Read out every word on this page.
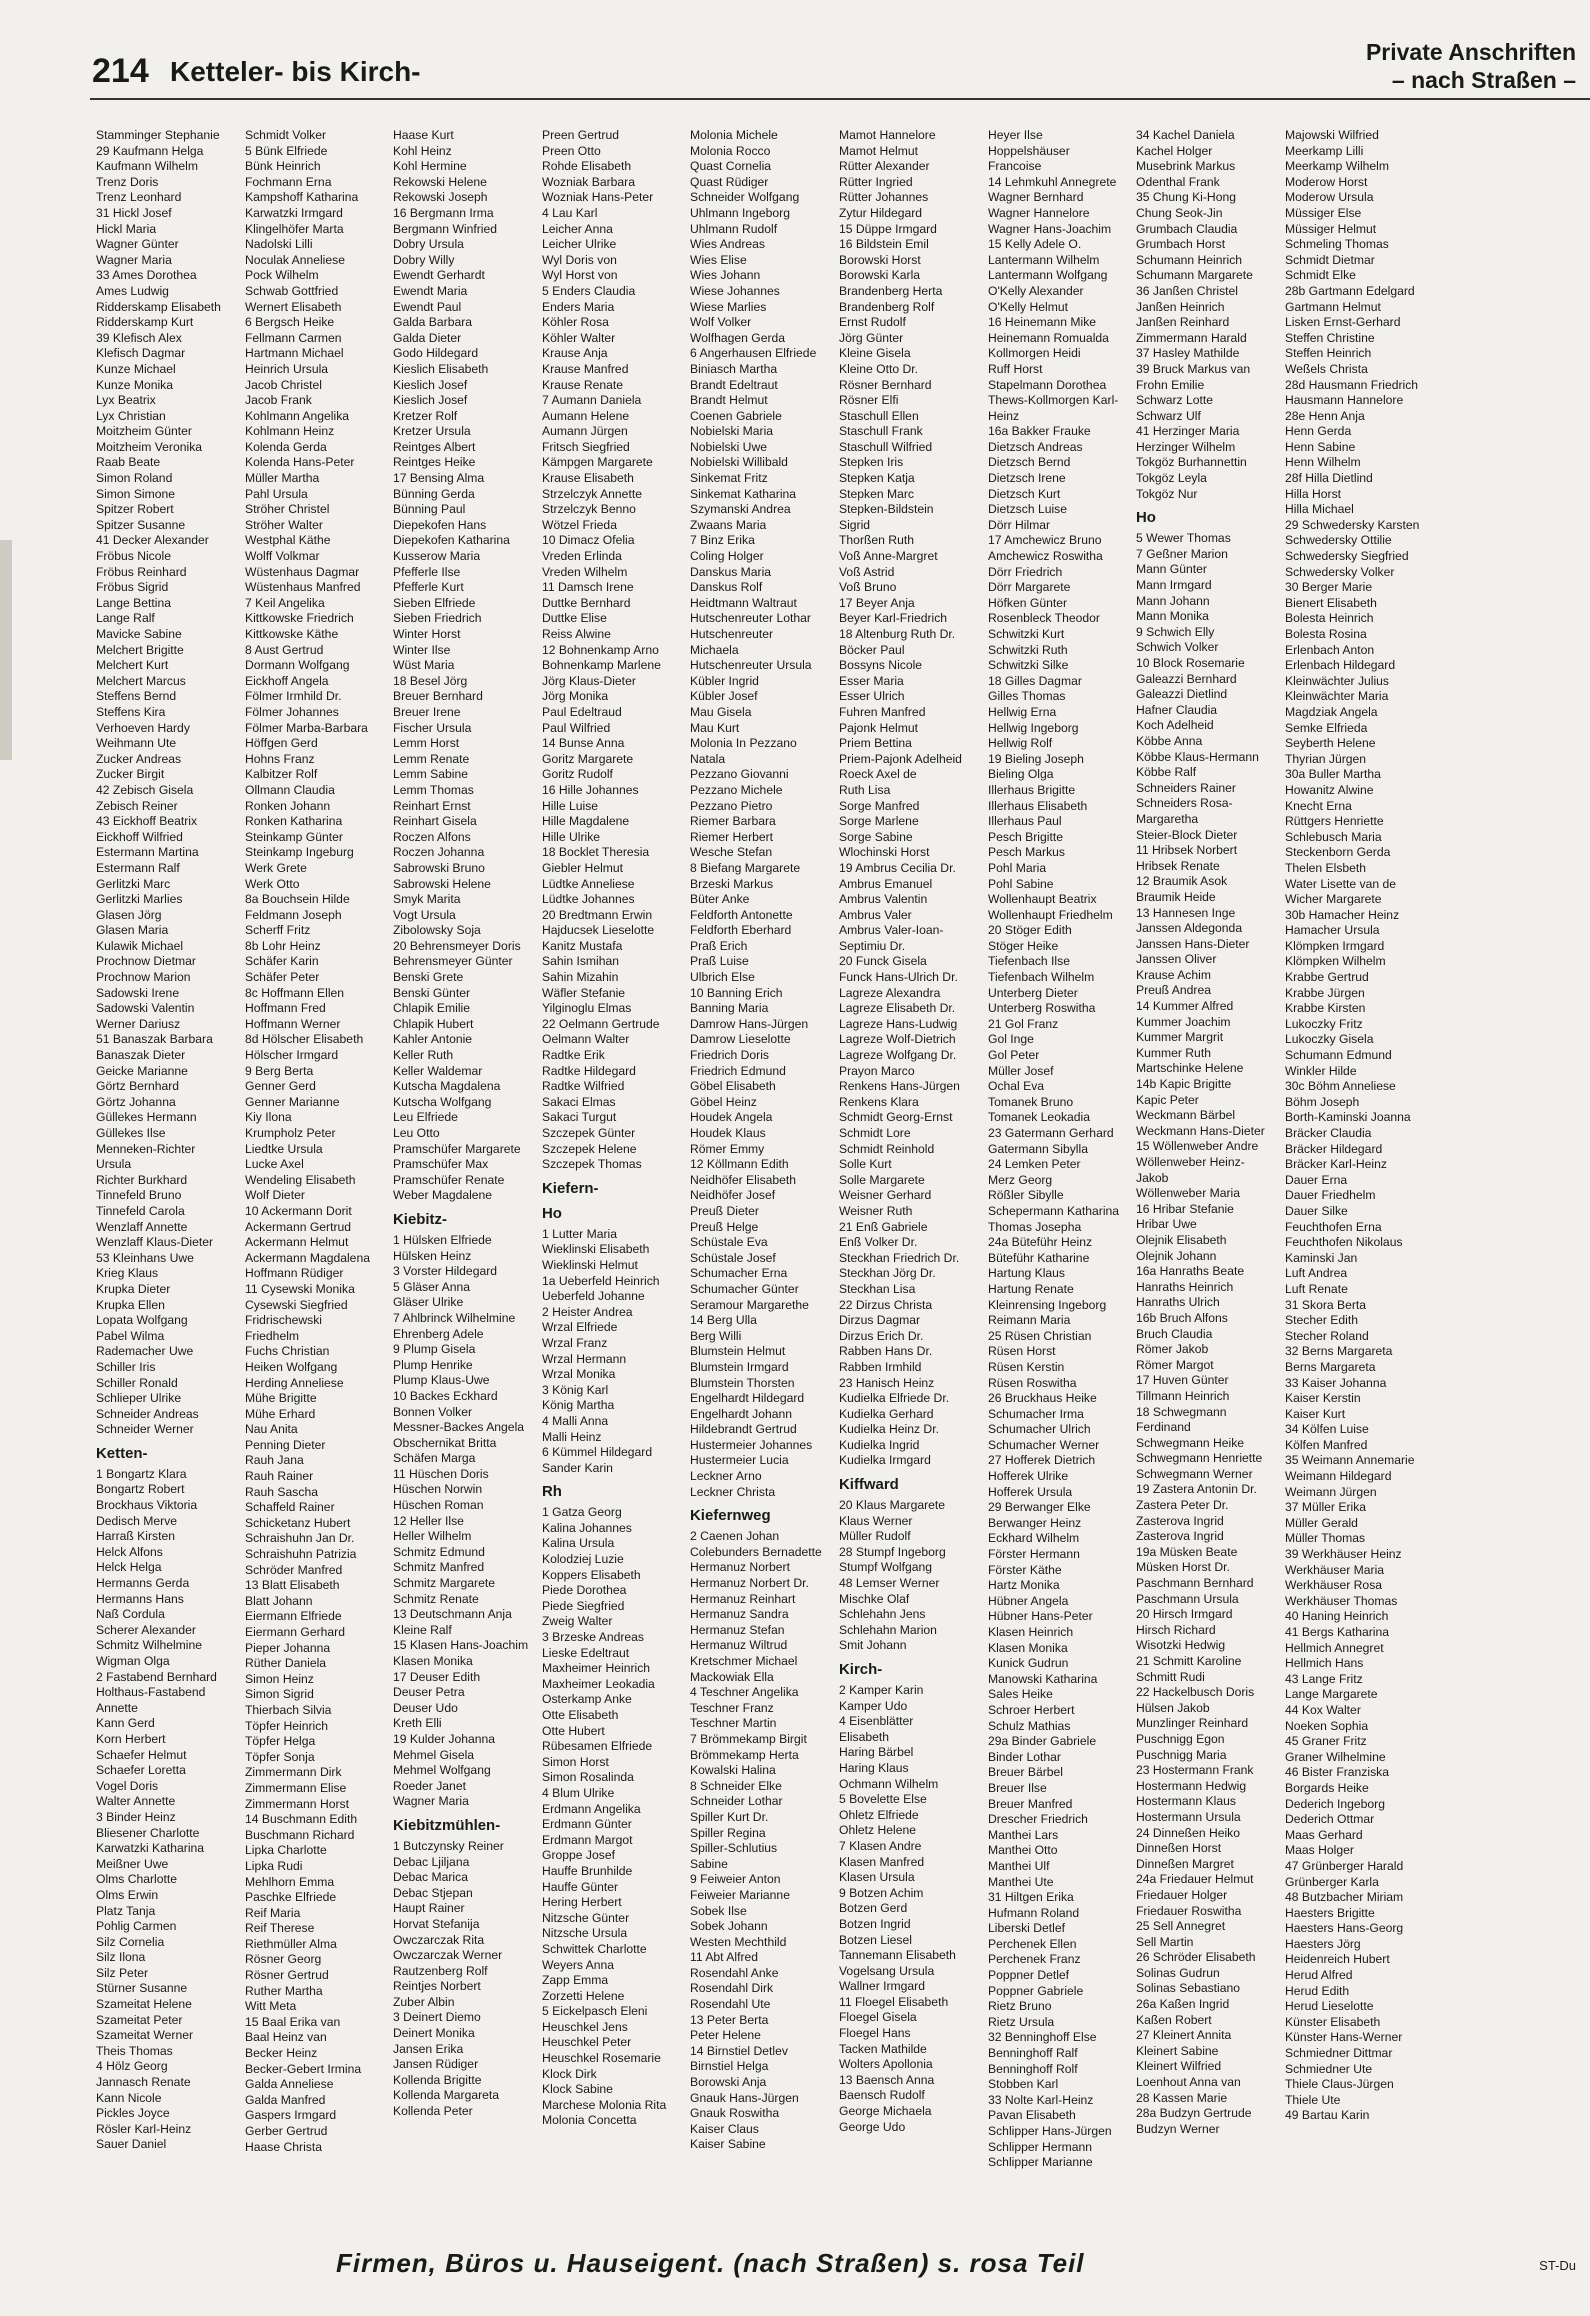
214 Ketteler- bis Kirch-
Private Anschriften
– nach Straßen –
Stamminger Stephanie
29 Kaufmann Helga
Kaufmann Wilhelm
Trenz Doris
Trenz Leonhard
31 Hickl Josef
Hickl Maria
Wagner Günter
Wagner Maria
33 Ames Dorothea
Ames Ludwig
Ridderskamp Elisabeth
Ridderskamp Kurt
39 Klefisch Alex
Klefisch Dagmar
Kunze Michael
Kunze Monika
Lyx Beatrix
Lyx Christian
Moitzheim Günter
Moitzheim Veronika
Raab Beate
Simon Roland
Simon Simone
Spitzer Robert
Spitzer Susanne
41 Decker Alexander
Fröbus Nicole
Fröbus Reinhard
Fröbus Sigrid
Lange Bettina
Lange Ralf
Mavicke Sabine
Melchert Brigitte
Melchert Kurt
Melchert Marcus
Steffens Bernd
Steffens Kira
Verhoeven Hardy
Weihmann Ute
Zucker Andreas
Zucker Birgit
42 Zebisch Gisela
Zebisch Reiner
43 Eickhoff Beatrix
Eickhoff Wilfried
Estermann Martina
Estermann Ralf
Gerlitzki Marc
Gerlitzki Marlies
Glasen Jörg
Glasen Maria
Kulawik Michael
Prochnow Dietmar
Prochnow Marion
Sadowski Irene
Sadowski Valentin
Werner Dariusz
51 Banaszak Barbara
Banaszak Dieter
Geicke Marianne
Görtz Bernhard
Görtz Johanna
Güllekes Hermann
Güllekes Ilse
Menneken-Richter
Ursula
Richter Burkhard
Tinnefeld Bruno
Tinnefeld Carola
Wenzlaff Annette
Wenzlaff Klaus-Dieter
53 Kleinhans Uwe
Krieg Klaus
Krupka Dieter
Krupka Ellen
Lopata Wolfgang
Pabel Wilma
Rademacher Uwe
Schiller Iris
Schiller Ronald
Schlieper Ulrike
Schneider Andreas
Schneider Werner
Ketten-
1 Bongartz Klara
Bongartz Robert
Brockhaus Viktoria
Dedisch Merve
Harraß Kirsten
Helck Alfons
Helck Helga
Hermanns Gerda
Hermanns Hans
Naß Cordula
Scherer Alexander
Schmitz Wilhelmine
Wigman Olga
2 Fastabend Bernhard
Holthaus-Fastabend
Annette
Kann Gerd
Korn Herbert
Schaefer Helmut
Schaefer Loretta
Vogel Doris
Walter Annette
3 Binder Heinz
Bliesener Charlotte
Karwatzki Katharina
Meißner Uwe
Olms Charlotte
Olms Erwin
Platz Tanja
Pohlig Carmen
Silz Cornelia
Silz Ilona
Silz Peter
Stürner Susanne
Szameitat Helene
Szameitat Peter
Szameitat Werner
Theis Thomas
4 Hölz Georg
Jannasch Renate
Kann Nicole
Pickles Joyce
Rösler Karl-Heinz
Sauer Daniel
Schmidt Volker
5 Bünk Elfriede
Bünk Heinrich
Fochmann Erna
Kampshoff Katharina
Karwatzki Irmgard
Klingelhöfer Marta
Nadolski Lilli
Noculak Anneliese
Pock Wilhelm
Schwab Gottfried
Wernert Elisabeth
6 Bergsch Heike
Fellmann Carmen
Hartmann Michael
Heinrich Ursula
Jacob Christel
Jacob Frank
Kohlmann Angelika
Kohlmann Heinz
Kolenda Gerda
Kolenda Hans-Peter
Müller Martha
Pahl Ursula
Ströher Christel
Ströher Walter
Westphal Käthe
Wolff Volkmar
Wüstenhaus Dagmar
Wüstenhaus Manfred
7 Keil Angelika
Kittkowske Friedrich
Kittkowske Käthe
8 Aust Gertrud
Dormann Wolfgang
Eickhoff Angela
Fölmer Irmhild Dr.
Fölmer Johannes
Fölmer Marba-Barbara
Höffgen Gerd
Hohns Franz
Kalbitzer Rolf
Ollmann Claudia
Ronken Johann
Ronken Katharina
Steinkamp Günter
Steinkamp Ingeburg
Werk Grete
Werk Otto
8a Bouchsein Hilde
Feldmann Joseph
Scherff Fritz
8b Lohr Heinz
Schäfer Karin
Schäfer Peter
8c Hoffmann Ellen
Hoffmann Fred
Hoffmann Werner
8d Hölscher Elisabeth
Hölscher Irmgard
9 Berg Berta
Genner Gerd
Genner Marianne
Kiy Ilona
Krumpholz Peter
Liedtke Ursula
Lucke Axel
Wendeling Elisabeth
Wolf Dieter
10 Ackermann Dorit
Ackermann Gertrud
Ackermann Helmut
Ackermann Magdalena
Hoffmann Rüdiger
11 Cysewski Monika
Cysewski Siegfried
Fridrischewski
Friedhelm
Fuchs Christian
Heiken Wolfgang
Herding Anneliese
Mühe Brigitte
Mühe Erhard
Nau Anita
Penning Dieter
Rauh Jana
Rauh Rainer
Rauh Sascha
Schaffeld Rainer
Schicketanz Hubert
Schraishuhn Jan Dr.
Schraishuhn Patrizia
Schröder Manfred
13 Blatt Elisabeth
Blatt Johann
Eiermann Elfriede
Eiermann Gerhard
Pieper Johanna
Rüther Daniela
Simon Heinz
Simon Sigrid
Thierbach Silvia
Töpfer Heinrich
Töpfer Helga
Töpfer Sonja
Zimmermann Dirk
Zimmermann Elise
Zimmermann Horst
14 Buschmann Edith
Buschmann Richard
Lipka Charlotte
Lipka Rudi
Mehlhorn Emma
Paschke Elfriede
Reif Maria
Reif Therese
Riethmüller Alma
Rösner Georg
Rösner Gertrud
Ruther Martha
Witt Meta
15 Baal Erika van
Baal Heinz van
Becker Heinz
Becker-Gebert Irmina
Galda Anneliese
Galda Manfred
Gaspers Irmgard
Gerber Gertrud
Haase Christa
Haase Kurt
Kohl Heinz
Kohl Hermine
Rekowski Helene
Rekowski Joseph
16 Bergmann Irma
Bergmann Winfried
Dobry Ursula
Dobry Willy
Ewendt Gerhardt
Ewendt Maria
Ewendt Paul
Galda Barbara
Galda Dieter
Godo Hildegard
Kieslich Elisabeth
Kieslich Josef
Kieslich Josef
Kretzer Rolf
Kretzer Ursula
Reintges Albert
Reintges Heike
17 Bensing Alma
Bünning Gerda
Bünning Paul
Diepekofen Hans
Diepekofen Katharina
Kusserow Maria
Pfefferle Ilse
Pfefferle Kurt
Sieben Elfriede
Sieben Friedrich
Winter Horst
Winter Ilse
Wüst Maria
18 Besel Jörg
Breuer Bernhard
Breuer Irene
Fischer Ursula
Lemm Horst
Lemm Renate
Lemm Sabine
Lemm Thomas
Reinhart Ernst
Reinhart Gisela
Roczen Alfons
Roczen Johanna
Sabrowski Bruno
Sabrowski Helene
Smyk Marita
Vogt Ursula
Zibolowsky Soja
20 Behrensmeyer Doris
Behrensmeyer Günter
Benski Grete
Benski Günter
Chlapik Emilie
Chlapik Hubert
Kahler Antonie
Keller Ruth
Keller Waldemar
Kutscha Magdalena
Kutscha Wolfgang
Leu Elfriede
Leu Otto
Pramschüfer Margarete
Pramschüfer Max
Pramschüfer Renate
Weber Magdalene
Kiebitz-
1 Hülsken Elfriede
Hülsken Heinz
3 Vorster Hildegard
5 Gläser Anna
Gläser Ulrike
7 Ahlbrinck Wilhelmine
Ehrenberg Adele
9 Plump Gisela
Plump Henrike
Plump Klaus-Uwe
10 Backes Eckhard
Bonnen Volker
Messner-Backes Angela
Obschernikat Britta
Schäfen Marga
11 Hüschen Doris
Hüschen Norwin
Hüschen Roman
12 Heller Ilse
Heller Wilhelm
Schmitz Edmund
Schmitz Manfred
Schmitz Margarete
Schmitz Renate
13 Deutschmann Anja
Kleine Ralf
15 Klasen Hans-Joachim
Klasen Monika
17 Deuser Edith
Deuser Petra
Deuser Udo
Kreth Elli
19 Kulder Johanna
Mehmel Gisela
Mehmel Wolfgang
Roeder Janet
Wagner Maria
Kiebitzmühlen-
1 Butczynsky Reiner
Debac Ljiljana
Debac Marica
Debac Stjepan
Haupt Rainer
Horvat Stefanija
Owczarczak Rita
Owczarczak Werner
Rautzenberg Rolf
Reintjes Norbert
Zuber Albin
3 Deinert Diemo
Deinert Monika
Jansen Erika
Jansen Rüdiger
Kollenda Brigitte
Kollenda Margareta
Kollenda Peter
Preen Gertrud
Preen Otto
Rohde Elisabeth
Wozniak Barbara
Wozniak Hans-Peter
4 Lau Karl
Leicher Anna
Leicher Ulrike
Wyl Doris von
Wyl Horst von
5 Enders Claudia
Enders Maria
Köhler Rosa
Köhler Walter
Krause Anja
Krause Manfred
Krause Renate
7 Aumann Daniela
Aumann Helene
Aumann Jürgen
Fritsch Siegfried
Kämpgen Margarete
Krause Elisabeth
Strzelczyk Annette
Strzelczyk Benno
Wötzel Frieda
10 Dimacz Ofelia
Vreden Erlinda
Vreden Wilhelm
11 Damsch Irene
Duttke Bernhard
Duttke Elise
Reiss Alwine
12 Bohnenkamp Arno
Bohnenkamp Marlene
Jörg Klaus-Dieter
Jörg Monika
Paul Edeltraud
Paul Wilfried
14 Bunse Anna
Goritz Margarete
Goritz Rudolf
16 Hille Johannes
Hille Luise
Hille Magdalene
Hille Ulrike
18 Bocklet Theresia
Giebler Helmut
Lüdtke Anneliese
Lüdtke Johannes
20 Bredtmann Erwin
Hajducsek Lieselotte
Kanitz Mustafa
Sahin Ismihan
Sahin Mizahin
Wäfler Stefanie
Yilginoglu Elmas
22 Oelmann Gertrude
Oelmann Walter
Radtke Erik
Radtke Hildegard
Radtke Wilfried
Sakaci Elmas
Sakaci Turgut
Szczepek Günter
Szczepek Helene
Szczepek Thomas
Kiefern-
Ho
1 Lutter Maria
Wieklinski Elisabeth
Wieklinski Helmut
1a Ueberfeld Heinrich
Ueberfeld Johanne
2 Heister Andrea
Wrzal Elfriede
Wrzal Franz
Wrzal Hermann
Wrzal Monika
3 König Karl
König Martha
4 Malli Anna
Malli Heinz
6 Kümmel Hildegard
Sander Karin
Rh
1 Gatza Georg
Kalina Johannes
Kalina Ursula
Kolodziej Luzie
Koppers Elisabeth
Piede Dorothea
Piede Siegfried
Zweig Walter
3 Brzeske Andreas
Lieske Edeltraut
Maxheimer Heinrich
Maxheimer Leokadia
Osterkamp Anke
Otte Elisabeth
Otte Hubert
Rübesamen Elfriede
Simon Horst
Simon Rosalinda
4 Blum Ulrike
Erdmann Angelika
Erdmann Günter
Erdmann Margot
Groppe Josef
Hauffe Brunhilde
Hauffe Günter
Hering Herbert
Nitzsche Günter
Nitzsche Ursula
Schwittek Charlotte
Weyers Anna
Zapp Emma
Zorzetti Helene
5 Eickelpasch Eleni
Heuschkel Jens
Heuschkel Peter
Heuschkel Rosemarie
Klock Dirk
Klock Sabine
Marchese Molonia Rita
Molonia Concetta
Molonia Michele
Molonia Rocco
Quast Cornelia
Quast Rüdiger
Schneider Wolfgang
Uhlmann Ingeborg
Uhlmann Rudolf
Wies Andreas
Wies Elise
Wies Johann
Wiese Johannes
Wiese Marlies
Wolf Volker
Wolfhagen Gerda
6 Angerhausen Elfriede
Biniasch Martha
Brandt Edeltraut
Brandt Helmut
Coenen Gabriele
Nobielski Maria
Nobielski Uwe
Nobielski Willibald
Sinkemat Fritz
Sinkemat Katharina
Szymanski Andrea
Zwaans Maria
7 Binz Erika
Coling Holger
Danskus Maria
Danskus Rolf
Heidtmann Waltraut
Hutschenreuter Lothar
Hutschenreuter
Michaela
Hutschenreuter Ursula
Kübler Ingrid
Kübler Josef
Mau Gisela
Mau Kurt
Molonia In Pezzano
Natala
Pezzano Giovanni
Pezzano Michele
Pezzano Pietro
Riemer Barbara
Riemer Herbert
Wesche Stefan
8 Biefang Margarete
Brzeski Markus
Büter Anke
Feldforth Antonette
Feldforth Eberhard
Praß Erich
Praß Luise
Ulbrich Else
10 Banning Erich
Banning Maria
Damrow Hans-Jürgen
Damrow Lieselotte
Friedrich Doris
Friedrich Edmund
Göbel Elisabeth
Göbel Heinz
Houdek Angela
Houdek Klaus
Römer Emmy
12 Köllmann Edith
Neidhöfer Elisabeth
Neidhöfer Josef
Preuß Dieter
Preuß Helge
Schüstale Eva
Schüstale Josef
Schumacher Erna
Schumacher Günter
Seramour Margarethe
14 Berg Ulla
Berg Willi
Blumstein Helmut
Blumstein Irmgard
Blumstein Thorsten
Engelhardt Hildegard
Engelhardt Johann
Hildebrandt Gertrud
Hustermeier Johannes
Hustermeier Lucia
Leckner Arno
Leckner Christa
Kiefernweg
2 Caenen Johan
Colebunders Bernadette
Hermanuz Norbert
Hermanuz Norbert Dr.
Hermanuz Reinhart
Hermanuz Sandra
Hermanuz Stefan
Hermanuz Wiltrud
Kretschmer Michael
Mackowiak Ella
4 Teschner Angelika
Teschner Franz
Teschner Martin
7 Brömmekamp Birgit
Brömmekamp Herta
Kowalski Halina
8 Schneider Elke
Schneider Lothar
Spiller Kurt Dr.
Spiller Regina
Spiller-Schlutius
Sabine
9 Feiweier Anton
Feiweier Marianne
Sobek Ilse
Sobek Johann
Westen Mechthild
11 Abt Alfred
Rosendahl Anke
Rosendahl Dirk
Rosendahl Ute
13 Peter Berta
Peter Helene
14 Birnstiel Detlev
Birnstiel Helga
Borowski Anja
Gnauk Hans-Jürgen
Gnauk Roswitha
Kaiser Claus
Kaiser Sabine
Mamot Hannelore
Mamot Helmut
Rütter Alexander
Rütter Ingried
Rütter Johannes
Zytur Hildegard
15 Düppe Irmgard
16 Bildstein Emil
Borowski Horst
Borowski Karla
Brandenberg Herta
Brandenberg Rolf
Ernst Rudolf
Jörg Günter
Kleine Gisela
Kleine Otto Dr.
Rösner Bernhard
Rösner Elfi
Staschull Ellen
Staschull Frank
Staschull Wilfried
Stepken Iris
Stepken Katja
Stepken Marc
Stepken-Bildstein
Sigrid
Thorßen Ruth
Voß Anne-Margret
Voß Astrid
Voß Bruno
17 Beyer Anja
Beyer Karl-Friedrich
18 Altenburg Ruth Dr.
Böcker Paul
Bossyns Nicole
Esser Maria
Esser Ulrich
Fuhren Manfred
Pajonk Helmut
Priem Bettina
Priem-Pajonk Adelheid
Roeck Axel de
Ruth Lisa
Sorge Manfred
Sorge Marlene
Sorge Sabine
Wlochinski Horst
19 Ambrus Cecilia Dr.
Ambrus Emanuel
Ambrus Valentin
Ambrus Valer
Ambrus Valer-Ioan-
Septimiu Dr.
20 Funck Gisela
Funck Hans-Ulrich Dr.
Lagreze Alexandra
Lagreze Elisabeth Dr.
Lagreze Hans-Ludwig
Lagreze Wolf-Dietrich
Lagreze Wolfgang Dr.
Prayon Marco
Renkens Hans-Jürgen
Renkens Klara
Schmidt Georg-Ernst
Schmidt Lore
Schmidt Reinhold
Solle Kurt
Solle Margarete
Weisner Gerhard
Weisner Ruth
21 Enß Gabriele
Enß Volker Dr.
Steckhan Friedrich Dr.
Steckhan Jörg Dr.
Steckhan Lisa
22 Dirzus Christa
Dirzus Dagmar
Dirzus Erich Dr.
Rabben Hans Dr.
Rabben Irmhild
23 Hanisch Heinz
Kudielka Elfriede Dr.
Kudielka Gerhard
Kudielka Heinz Dr.
Kudielka Ingrid
Kudielka Irmgard
Kiffward
20 Klaus Margarete
Klaus Werner
Müller Rudolf
28 Stumpf Ingeborg
Stumpf Wolfgang
48 Lemser Werner
Mischke Olaf
Schlehahn Jens
Schlehahn Marion
Smit Johann
Kirch-
2 Kamper Karin
Kamper Udo
4 Eisenblätter
Elisabeth
Haring Bärbel
Haring Klaus
Ochmann Wilhelm
5 Bovelette Else
Ohletz Elfriede
Ohletz Helene
7 Klasen Andre
Klasen Manfred
Klasen Ursula
9 Botzen Achim
Botzen Gerd
Botzen Ingrid
Botzen Liesel
Tannemann Elisabeth
Vogelsang Ursula
Wallner Irmgard
11 Floegel Elisabeth
Floegel Gisela
Floegel Hans
Tacken Mathilde
Wolters Apollonia
13 Baensch Anna
Baensch Rudolf
George Michaela
George Udo
Heyer Ilse
Hoppelshäuser
Francoise
14 Lehmkuhl Annegrete
Wagner Bernhard
Wagner Hannelore
Wagner Hans-Joachim
15 Kelly Adele O.
Lantermann Wilhelm
Lantermann Wolfgang
O'Kelly Alexander
O'Kelly Helmut
16 Heinemann Mike
Heinemann Romualda
Kollmorgen Heidi
Ruff Horst
Stapelmann Dorothea
Thews-Kollmorgen Karl-
Heinz
16a Bakker Frauke
Dietzsch Andreas
Dietzsch Bernd
Dietzsch Irene
Dietzsch Kurt
Dietzsch Luise
Dörr Hilmar
17 Amchewicz Bruno
Amchewicz Roswitha
Dörr Friedrich
Dörr Margarete
Höfken Günter
Rosenbleck Theodor
Schwitzki Kurt
Schwitzki Ruth
Schwitzki Silke
18 Gilles Dagmar
Gilles Thomas
Hellwig Erna
Hellwig Ingeborg
Hellwig Rolf
19 Bieling Joseph
Bieling Olga
Illerhaus Brigitte
Illerhaus Elisabeth
Illerhaus Paul
Pesch Brigitte
Pesch Markus
Pohl Maria
Pohl Sabine
Wollenhaupt Beatrix
Wollenhaupt Friedhelm
20 Stöger Edith
Stöger Heike
Tiefenbach Ilse
Tiefenbach Wilhelm
Unterberg Dieter
Unterberg Roswitha
21 Gol Franz
Gol Inge
Gol Peter
Müller Josef
Ochal Eva
Tomanek Bruno
Tomanek Leokadia
23 Gatermann Gerhard
Gatermann Sibylla
24 Lemken Peter
Merz Georg
Rößler Sibylle
Schepermann Katharina
Thomas Josepha
24a Büteführ Heinz
Büteführ Katharine
Hartung Klaus
Hartung Renate
Kleinrensing Ingeborg
Reimann Maria
25 Rüsen Christian
Rüsen Horst
Rüsen Kerstin
Rüsen Roswitha
26 Bruckhaus Heike
Schumacher Irma
Schumacher Ulrich
Schumacher Werner
27 Hofferek Dietrich
Hofferek Ulrike
Hofferek Ursula
29 Berwanger Elke
Berwanger Heinz
Eckhard Wilhelm
Förster Hermann
Förster Käthe
Hartz Monika
Hübner Angela
Hübner Hans-Peter
Klasen Heinrich
Klasen Monika
Kunick Gudrun
Manowski Katharina
Sales Heike
Schroer Herbert
Schulz Mathias
29a Binder Gabriele
Binder Lothar
Breuer Bärbel
Breuer Ilse
Breuer Manfred
Drescher Friedrich
Manthei Lars
Manthei Otto
Manthei Ulf
Manthei Ute
31 Hiltgen Erika
Hufmann Roland
Liberski Detlef
Perchenek Ellen
Perchenek Franz
Poppner Detlef
Poppner Gabriele
Rietz Bruno
Rietz Ursula
32 Benninghoff Else
Benninghoff Ralf
Benninghoff Rolf
Stobben Karl
33 Nolte Karl-Heinz
Pavan Elisabeth
Schlipper Hans-Jürgen
Schlipper Hermann
Schlipper Marianne
34 Kachel Daniela
Kachel Holger
Musebrink Markus
Odenthal Frank
35 Chung Ki-Hong
Chung Seok-Jin
Grumbach Claudia
Grumbach Horst
Schumann Heinrich
Schumann Margarete
36 Janßen Christel
Janßen Heinrich
Janßen Reinhard
Zimmermann Harald
37 Hasley Mathilde
39 Bruck Markus van
Frohn Emilie
Schwarz Lotte
Schwarz Ulf
41 Herzinger Maria
Herzinger Wilhelm
Tokgöz Burhannettin
Tokgöz Leyla
Tokgöz Nur
Ho
5 Wewer Thomas
7 Geßner Marion
Mann Günter
Mann Irmgard
Mann Johann
Mann Monika
9 Schwich Elly
Schwich Volker
10 Block Rosemarie
Galeazzi Bernhard
Galeazzi Dietlind
Hafner Claudia
Koch Adelheid
Köbbe Anna
Köbbe Klaus-Hermann
Köbbe Ralf
Schneiders Rainer
Schneiders Rosa-
Margaretha
Steier-Block Dieter
11 Hribsek Norbert
Hribsek Renate
12 Braumik Asok
Braumik Heide
13 Hannesen Inge
Janssen Aldegonda
Janssen Hans-Dieter
Janssen Oliver
Krause Achim
Preuß Andrea
14 Kummer Alfred
Kummer Joachim
Kummer Margrit
Kummer Ruth
Martschinke Helene
14b Kapic Brigitte
Kapic Peter
Weckmann Bärbel
Weckmann Hans-Dieter
15 Wöllenweber Andre
Wöllenweber Heinz-
Jakob
Wöllenweber Maria
16 Hribar Stefanie
Hribar Uwe
Olejnik Elisabeth
Olejnik Johann
16a Hanraths Beate
Hanraths Heinrich
Hanraths Ulrich
16b Bruch Alfons
Bruch Claudia
Römer Jakob
Römer Margot
17 Huven Günter
Tillmann Heinrich
18 Schwegmann
Ferdinand
Schwegmann Heike
Schwegmann Henriette
Schwegmann Werner
19 Zastera Antonin Dr.
Zastera Peter Dr.
Zasterova Ingrid
Zasterova Ingrid
19a Müsken Beate
Müsken Horst Dr.
Paschmann Bernhard
Paschmann Ursula
20 Hirsch Irmgard
Hirsch Richard
Wisotzki Hedwig
21 Schmitt Karoline
Schmitt Rudi
22 Hackelbusch Doris
Hülsen Jakob
Munzlinger Reinhard
Puschnigg Egon
Puschnigg Maria
23 Hostermann Frank
Hostermann Hedwig
Hostermann Klaus
Hostermann Ursula
24 Dinneßen Heiko
Dinneßen Horst
Dinneßen Margret
24a Friedauer Helmut
Friedauer Holger
Friedauer Roswitha
25 Sell Annegret
Sell Martin
26 Schröder Elisabeth
Solinas Gudrun
Solinas Sebastiano
26a Kaßen Ingrid
Kaßen Robert
27 Kleinert Annita
Kleinert Sabine
Kleinert Wilfried
Loenhout Anna van
28 Kassen Marie
28a Budzyn Gertrude
Budzyn Werner
Majowski Wilfried
Meerkamp Lilli
Meerkamp Wilhelm
Moderow Horst
Moderow Ursula
Müssiger Else
Müssiger Helmut
Schmeling Thomas
Schmidt Dietmar
Schmidt Elke
28b Gartmann Edelgard
Gartmann Helmut
Lisken Ernst-Gerhard
Steffen Christine
Steffen Heinrich
Weßels Christa
28d Hausmann Friedrich
Hausmann Hannelore
28e Henn Anja
Henn Gerda
Henn Sabine
Henn Wilhelm
28f Hilla Dietlind
Hilla Horst
Hilla Michael
29 Schwedersky Karsten
Schwedersky Ottilie
Schwedersky Siegfried
Schwedersky Volker
30 Berger Marie
Bienert Elisabeth
Bolesta Heinrich
Bolesta Rosina
Erlenbach Anton
Erlenbach Hildegard
Kleinwächter Julius
Kleinwächter Maria
Magdziak Angela
Semke Elfrieda
Seyberth Helene
Thyrian Jürgen
30a Buller Martha
Howanitz Alwine
Knecht Erna
Rüttgers Henriette
Schlebusch Maria
Steckenborn Gerda
Thelen Elsbeth
Water Lisette van de
Wicher Margarete
30b Hamacher Heinz
Hamacher Ursula
Klömpken Irmgard
Klömpken Wilhelm
Krabbe Gertrud
Krabbe Jürgen
Krabbe Kirsten
Lukoczky Fritz
Lukoczky Gisela
Schumann Edmund
Winkler Hilde
30c Böhm Anneliese
Böhm Joseph
Borth-Kaminski Joanna
Bräcker Claudia
Bräcker Hildegard
Bräcker Karl-Heinz
Dauer Erna
Dauer Friedhelm
Dauer Silke
Feuchthofen Erna
Feuchthofen Nikolaus
Kaminski Jan
Luft Andrea
Luft Renate
31 Skora Berta
Stecher Edith
Stecher Roland
32 Berns Margareta
Berns Margareta
33 Kaiser Johanna
Kaiser Kerstin
Kaiser Kurt
34 Kölfen Luise
Kölfen Manfred
35 Weimann Annemarie
Weimann Hildegard
Weimann Jürgen
37 Müller Erika
Müller Gerald
Müller Thomas
39 Werkhäuser Heinz
Werkhäuser Maria
Werkhäuser Rosa
Werkhäuser Thomas
40 Haning Heinrich
41 Bergs Katharina
Hellmich Annegret
Hellmich Hans
43 Lange Fritz
Lange Margarete
44 Kox Walter
Noeken Sophia
45 Graner Fritz
Graner Wilhelmine
46 Bister Franziska
Borgards Heike
Dederich Ingeborg
Dederich Ottmar
Maas Gerhard
Maas Holger
47 Grünberger Harald
Grünberger Karla
48 Butzbacher Miriam
Haesters Brigitte
Haesters Hans-Georg
Haesters Jörg
Heidenreich Hubert
Herud Alfred
Herud Edith
Herud Lieselotte
Künster Elisabeth
Künster Hans-Werner
Schmiedner Dittmar
Schmiedner Ute
Thiele Claus-Jürgen
Thiele Ute
49 Bartau Karin
Firmen, Büros u. Hauseigent. (nach Straßen) s. rosa Teil	ST-Du
